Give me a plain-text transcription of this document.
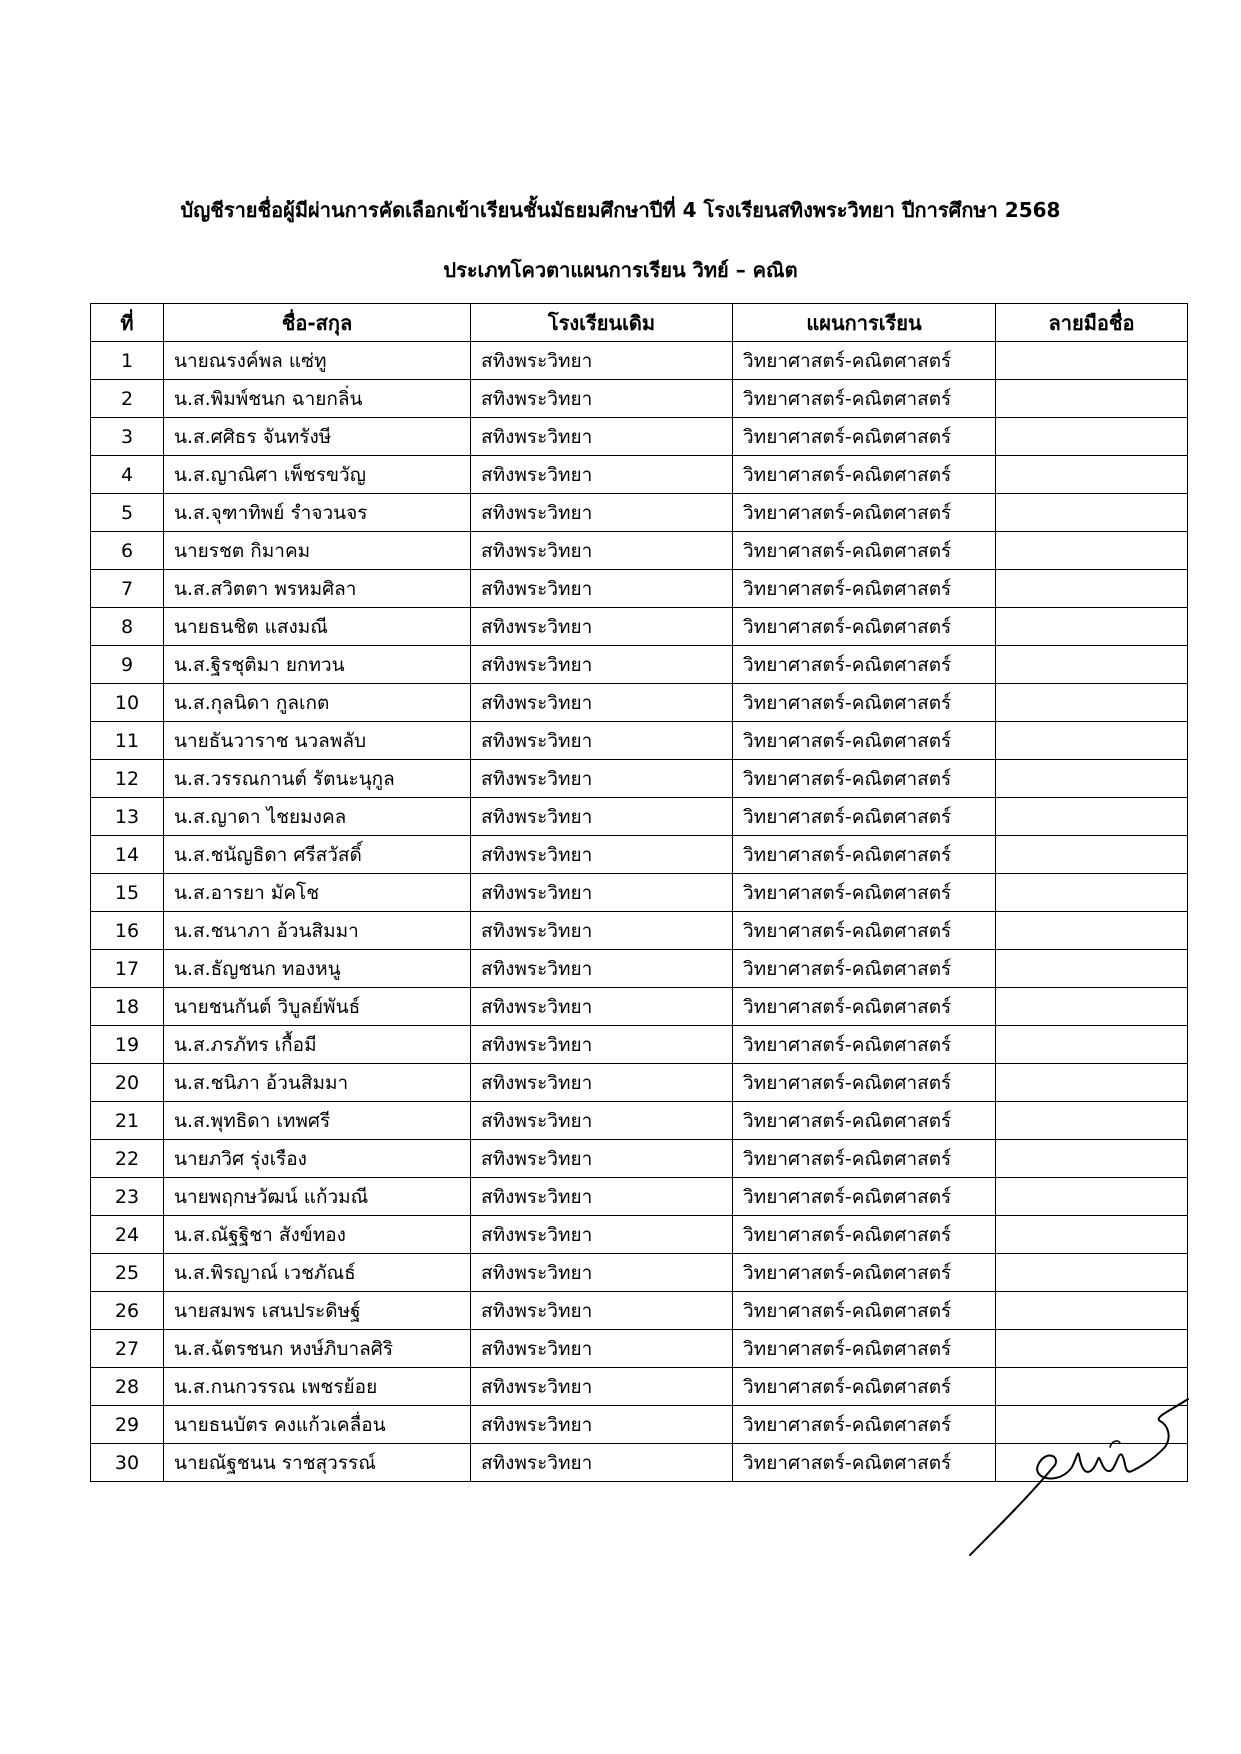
บัญชีรายชื่อผู้มีผ่านการคัดเลือกเข้าเรียนชั้นมัธยมศึกษาปีที่ 4 โรงเรียนสทิงพระวิทยา ปีการศึกษา 2568
ประเภทโควตาแผนการเรียน วิทย์ – คณิต
ที่	ชื่อ-สกุล	โรงเรียนเดิม	แผนการเรียน	ลายมือชื่อ
1	นายณรงค์พล แซ่ทู	สทิงพระวิทยา	วิทยาศาสตร์-คณิตศาสตร์	
2	น.ส.พิมพ์ชนก ฉายกลิ่น	สทิงพระวิทยา	วิทยาศาสตร์-คณิตศาสตร์	
3	น.ส.ศศิธร จันทรังษี	สทิงพระวิทยา	วิทยาศาสตร์-คณิตศาสตร์	
4	น.ส.ญาณิศา เพ็ชรขวัญ	สทิงพระวิทยา	วิทยาศาสตร์-คณิตศาสตร์	
5	น.ส.จุฑาทิพย์ รำจวนจร	สทิงพระวิทยา	วิทยาศาสตร์-คณิตศาสตร์	
6	นายรชต กิมาคม	สทิงพระวิทยา	วิทยาศาสตร์-คณิตศาสตร์	
7	น.ส.สวิตตา พรหมศิลา	สทิงพระวิทยา	วิทยาศาสตร์-คณิตศาสตร์	
8	นายธนชิต แสงมณี	สทิงพระวิทยา	วิทยาศาสตร์-คณิตศาสตร์	
9	น.ส.ฐิรชุติมา ยกทวน	สทิงพระวิทยา	วิทยาศาสตร์-คณิตศาสตร์	
10	น.ส.กุลนิดา กูลเกต	สทิงพระวิทยา	วิทยาศาสตร์-คณิตศาสตร์	
11	นายธันวาราช นวลพลับ	สทิงพระวิทยา	วิทยาศาสตร์-คณิตศาสตร์	
12	น.ส.วรรณกานต์ รัตนะนุกูล	สทิงพระวิทยา	วิทยาศาสตร์-คณิตศาสตร์	
13	น.ส.ญาดา ไชยมงคล	สทิงพระวิทยา	วิทยาศาสตร์-คณิตศาสตร์	
14	น.ส.ชนัญธิดา ศรีสวัสดิ์	สทิงพระวิทยา	วิทยาศาสตร์-คณิตศาสตร์	
15	น.ส.อารยา มัคโช	สทิงพระวิทยา	วิทยาศาสตร์-คณิตศาสตร์	
16	น.ส.ชนาภา อ้วนสิมมา	สทิงพระวิทยา	วิทยาศาสตร์-คณิตศาสตร์	
17	น.ส.ธัญชนก ทองหนู	สทิงพระวิทยา	วิทยาศาสตร์-คณิตศาสตร์	
18	นายชนกันต์ วิบูลย์พันธ์	สทิงพระวิทยา	วิทยาศาสตร์-คณิตศาสตร์	
19	น.ส.ภรภัทร เกื้อมี	สทิงพระวิทยา	วิทยาศาสตร์-คณิตศาสตร์	
20	น.ส.ชนิภา อ้วนสิมมา	สทิงพระวิทยา	วิทยาศาสตร์-คณิตศาสตร์	
21	น.ส.พุทธิดา เทพศรี	สทิงพระวิทยา	วิทยาศาสตร์-คณิตศาสตร์	
22	นายภวิศ รุ่งเรือง	สทิงพระวิทยา	วิทยาศาสตร์-คณิตศาสตร์	
23	นายพฤกษวัฒน์ แก้วมณี	สทิงพระวิทยา	วิทยาศาสตร์-คณิตศาสตร์	
24	น.ส.ณัฐฐิชา สังข์ทอง	สทิงพระวิทยา	วิทยาศาสตร์-คณิตศาสตร์	
25	น.ส.พิรญาณ์ เวชภัณธ์	สทิงพระวิทยา	วิทยาศาสตร์-คณิตศาสตร์	
26	นายสมพร เสนประดิษฐ์	สทิงพระวิทยา	วิทยาศาสตร์-คณิตศาสตร์	
27	น.ส.ฉัตรชนก หงษ์ภิบาลศิริ	สทิงพระวิทยา	วิทยาศาสตร์-คณิตศาสตร์	
28	น.ส.กนกวรรณ เพชรย้อย	สทิงพระวิทยา	วิทยาศาสตร์-คณิตศาสตร์	
29	นายธนบัตร คงแก้วเคลื่อน	สทิงพระวิทยา	วิทยาศาสตร์-คณิตศาสตร์	
30	นายณัฐชนน ราชสุวรรณ์	สทิงพระวิทยา	วิทยาศาสตร์-คณิตศาสตร์	
